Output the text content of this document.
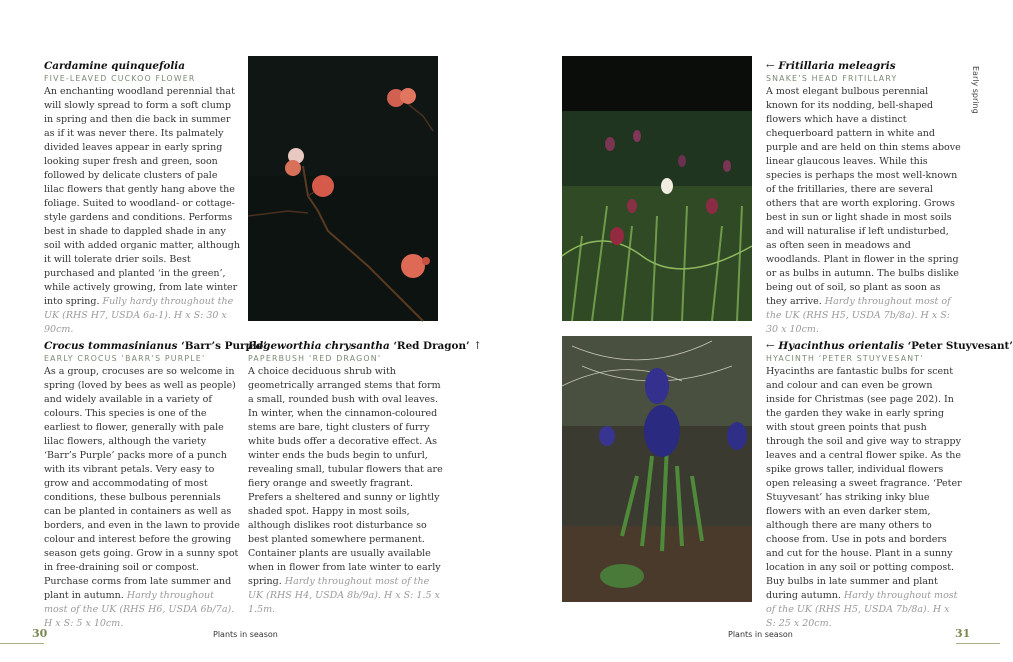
Cardamine quinquefolia
FIVE-LEAVED CUCKOO FLOWER
An enchanting woodland perennial that will slowly spread to form a soft clump in spring and then die back in summer as if it was never there. Its palmately divided leaves appear in early spring looking super fresh and green, soon followed by delicate clusters of pale lilac flowers that gently hang above the foliage. Suited to woodland- or cottage-style gardens and conditions. Performs best in shade to dappled shade in any soil with added organic matter, although it will tolerate drier soils. Best purchased and planted ‘in the green’, while actively growing, from late winter into spring. Fully hardy throughout the UK (RHS H7, USDA 6a-1). H x S: 30 x 90cm.
Crocus tommasinianus ‘Barr’s Purple’
EARLY CROCUS ‘BARR’S PURPLE’
As a group, crocuses are so welcome in spring (loved by bees as well as people) and widely available in a variety of colours. This species is one of the earliest to flower, generally with pale lilac flowers, although the variety ‘Barr’s Purple’ packs more of a punch with its vibrant petals. Very easy to grow and accommodating of most conditions, these bulbous perennials can be planted in containers as well as borders, and even in the lawn to provide colour and interest before the growing season gets going. Grow in a sunny spot in free-draining soil or compost. Purchase corms from late summer and plant in autumn. Hardy throughout most of the UK (RHS H6, USDA 6b/7a). H x S: 5 x 10cm.
Edgeworthia chrysantha ‘Red Dragon’ ↑
PAPERBUSH ‘RED DRAGON’
A choice deciduous shrub with geometrically arranged stems that form a small, rounded bush with oval leaves. In winter, when the cinnamon-coloured stems are bare, tight clusters of furry white buds offer a decorative effect. As winter ends the buds begin to unfurl, revealing small, tubular flowers that are fiery orange and sweetly fragrant. Prefers a sheltered and sunny or lightly shaded spot. Happy in most soils, although dislikes root disturbance so best planted somewhere permanent. Container plants are usually available when in flower from late winter to early spring. Hardy throughout most of the UK (RHS H4, USDA 8b/9a). H x S: 1.5 x 1.5m.
← Fritillaria meleagris
SNAKE’S HEAD FRITILLARY
A most elegant bulbous perennial known for its nodding, bell-shaped flowers which have a distinct chequerboard pattern in white and purple and are held on thin stems above linear glaucous leaves. While this species is perhaps the most well-known of the fritillaries, there are several others that are worth exploring. Grows best in sun or light shade in most soils and will naturalise if left undisturbed, as often seen in meadows and woodlands. Plant in flower in the spring or as bulbs in autumn. The bulbs dislike being out of soil, so plant as soon as they arrive. Hardy throughout most of the UK (RHS H5, USDA 7b/8a). H x S: 30 x 10cm.
← Hyacinthus orientalis ‘Peter Stuyvesant’
HYACINTH ‘PETER STUYVESANT’
Hyacinths are fantastic bulbs for scent and colour and can even be grown inside for Christmas (see page 202). In the garden they wake in early spring with stout green points that push through the soil and give way to strappy leaves and a central flower spike. As the spike grows taller, individual flowers open releasing a sweet fragrance. ‘Peter Stuyvesant’ has striking inky blue flowers with an even darker stem, although there are many others to choose from. Use in pots and borders and cut for the house. Plant in a sunny location in any soil or potting compost. Buy bulbs in late summer and plant during autumn. Hardy throughout most of the UK (RHS H5, USDA 7b/8a). H x S: 25 x 20cm.
Early spring
30	Plants in season	Plants in season	31
